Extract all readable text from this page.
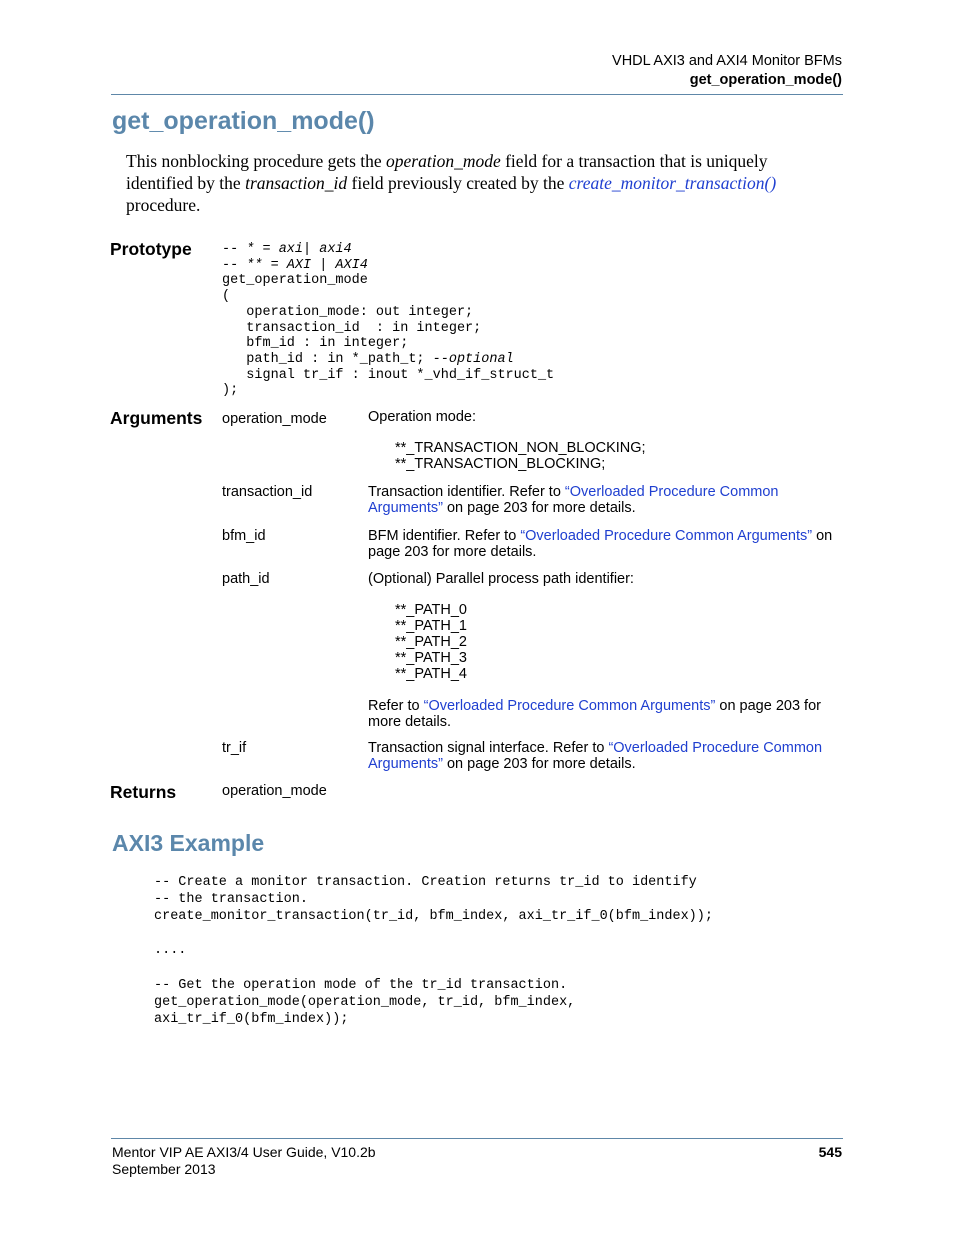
VHDL AXI3 and AXI4 Monitor BFMs
get_operation_mode()
get_operation_mode()
This nonblocking procedure gets the operation_mode field for a transaction that is uniquely identified by the transaction_id field previously created by the create_monitor_transaction() procedure.
Prototype -- * = axi| axi4
-- ** = AXI | AXI4
get_operation_mode
(
operation_mode: out integer;
transaction_id  : in integer;
bfm_id : in integer;
path_id : in *_path_t; --optional
signal tr_if : inout *_vhd_if_struct_t
);
Arguments operation_mode	Operation mode:

**_TRANSACTION_NON_BLOCKING;

**_TRANSACTION_BLOCKING;

transaction_id	Transaction identifier. Refer to “Overloaded Procedure Common Arguments” on page 203 for more details.
bfm_id	BFM identifier. Refer to “Overloaded Procedure Common Arguments” on page 203 for more details.
path_id	(Optional) Parallel process path identifier:

**_PATH_0

**_PATH_1

**_PATH_2

**_PATH_3

**_PATH_4

Refer to “Overloaded Procedure Common Arguments” on page 203 for more details.

tr_if	Transaction signal interface. Refer to “Overloaded Procedure Common Arguments” on page 203 for more details.
Returns	operation_mode
AXI3 Example
-- Create a monitor transaction. Creation returns tr_id to identify
-- the transaction.
create_monitor_transaction(tr_id, bfm_index, axi_tr_if_0(bfm_index));

....

-- Get the operation mode of the tr_id transaction.
get_operation_mode(operation_mode, tr_id, bfm_index,
axi_tr_if_0(bfm_index));
Mentor VIP AE AXI3/4 User Guide, V10.2b
September 2013
545
